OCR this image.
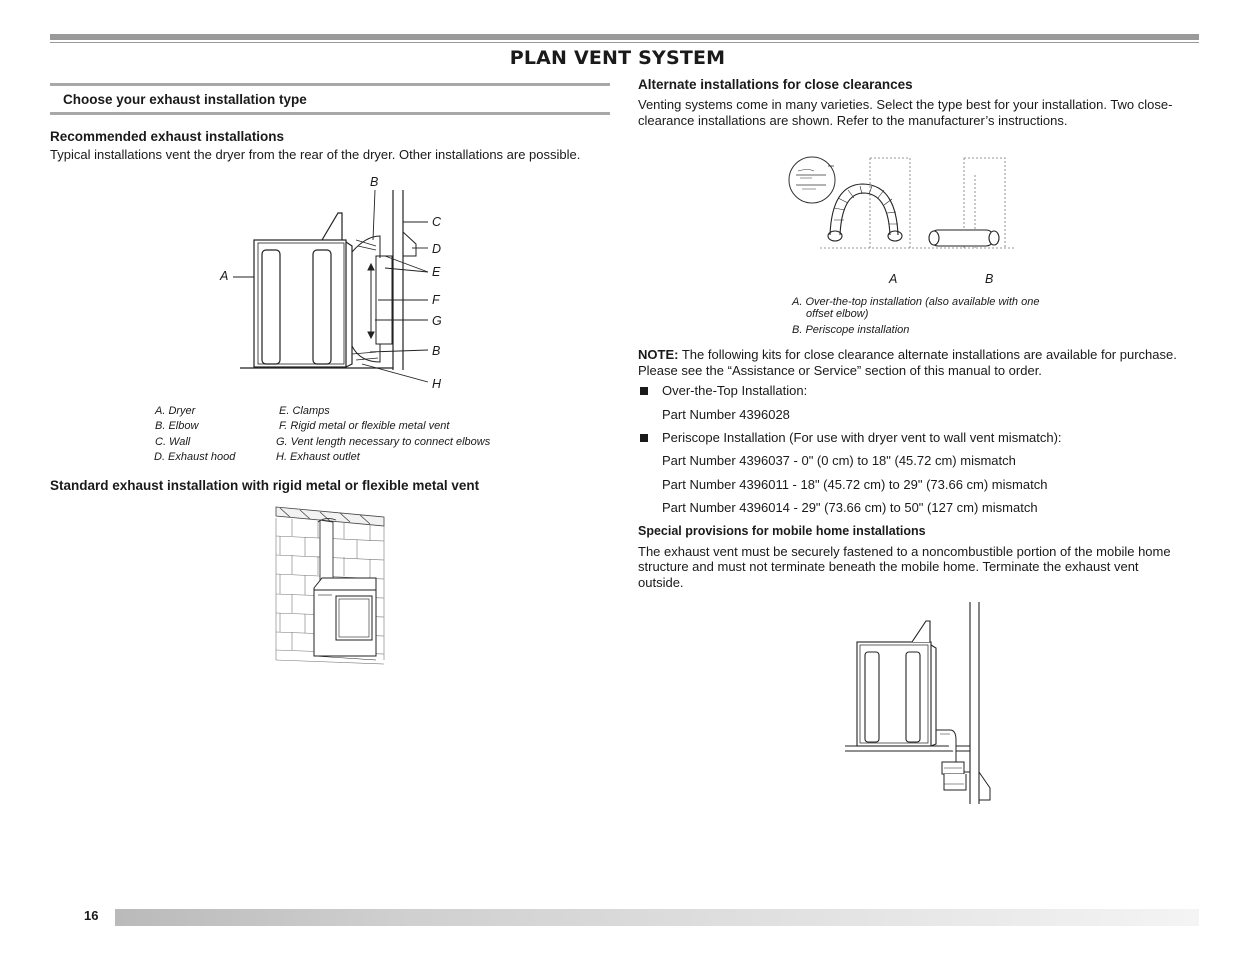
PLAN VENT SYSTEM
Choose your exhaust installation type
Recommended exhaust installations
Typical installations vent the dryer from the rear of the dryer. Other installations are possible.
A
B
C
D
E
F
G
B
H
A. Dryer
B. Elbow
C. Wall
D. Exhaust hood
E. Clamps
F. Rigid metal or flexible metal vent
G. Vent length necessary to connect elbows
H. Exhaust outlet
Standard exhaust installation with rigid metal or flexible metal vent
Alternate installations for close clearances
Venting systems come in many varieties. Select the type best for your installation. Two close-
clearance installations are shown. Refer to the manufacturer’s instructions.
A	B
A. Over-the-top installation (also available with one
offset elbow)
B. Periscope installation
NOTE: The following kits for close clearance alternate installations are available for purchase.
Please see the “Assistance or Service” section of this manual to order.
Over-the-Top Installation:
Part Number 4396028
Periscope Installation (For use with dryer vent to wall vent mismatch):
Part Number 4396037 - 0" (0 cm) to 18" (45.72 cm) mismatch
Part Number 4396011 - 18" (45.72 cm) to 29" (73.66 cm) mismatch
Part Number 4396014 - 29" (73.66 cm) to 50" (127 cm) mismatch
Special provisions for mobile home installations
The exhaust vent must be securely fastened to a noncombustible portion of the mobile home
structure and must not terminate beneath the mobile home. Terminate the exhaust vent
outside.
16
